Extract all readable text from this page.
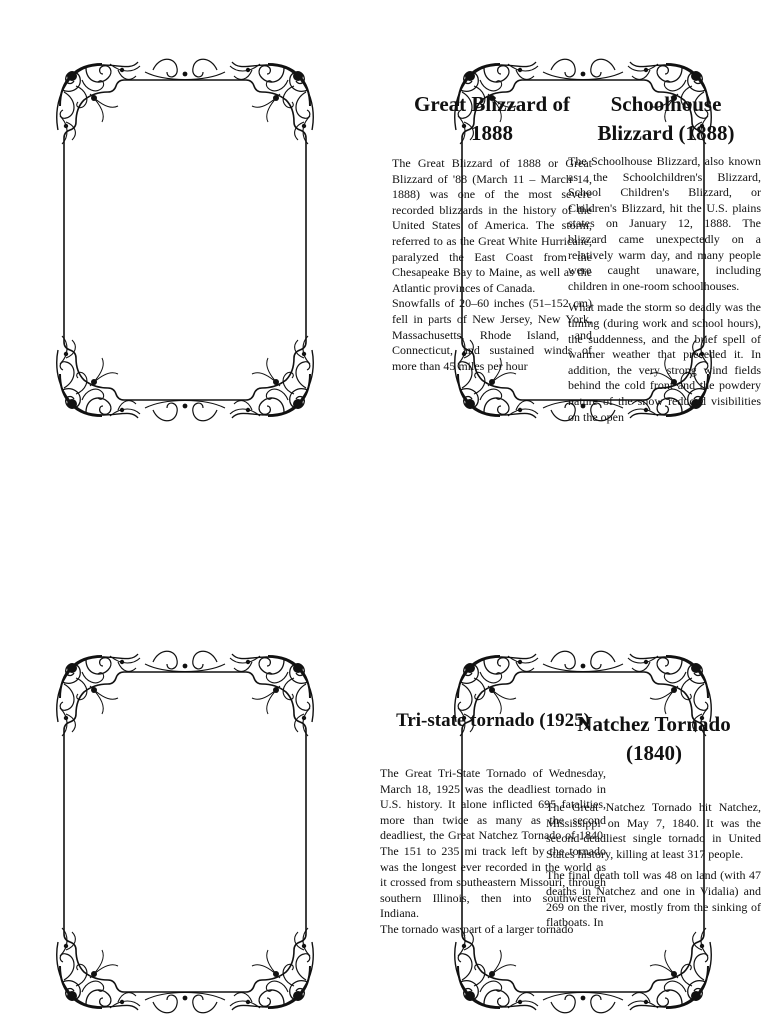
Great Blizzard of 1888

The Great Blizzard of 1888 or Great Blizzard of '88 (March 11 – March 14, 1888) was one of the most severe recorded blizzards in the history of the United States of America. The storm, referred to as the Great White Hurricane, paralyzed the East Coast from the Chesapeake Bay to Maine, as well as the Atlantic provinces of Canada.

Snowfalls of 20–60 inches (51–152 cm) fell in parts of New Jersey, New York, Massachusetts, Rhode Island, and Connecticut, and sustained winds of more than 45 miles per hour

Schoolhouse Blizzard (1888)

The Schoolhouse Blizzard, also known as the Schoolchildren's Blizzard, School Children's Blizzard, or Children's Blizzard, hit the U.S. plains states on January 12, 1888. The blizzard came unexpectedly on a relatively warm day, and many people were caught unaware, including children in one-room schoolhouses.

What made the storm so deadly was the timing (during work and school hours), the suddenness, and the brief spell of warmer weather that preceded it. In addition, the very strong wind fields behind the cold front and the powdery nature of the snow reduced visibilities on the open

Tri-state tornado (1925)

The Great Tri-State Tornado of Wednesday, March 18, 1925 was the deadliest tornado in U.S. history. It alone inflicted 695 fatalities, more than twice as many as the second deadliest, the Great Natchez Tornado of 1840. The 151 to 235 mi track left by the tornado was the longest ever recorded in the world as it crossed from southeastern Missouri, through southern Illinois, then into southwestern Indiana.

The tornado was part of a larger tornado

Natchez Tornado (1840)

The Great Natchez Tornado hit Natchez, Mississippi on May 7, 1840. It was the second-deadliest single tornado in United States history, killing at least 317 people.

The final death toll was 48 on land (with 47 deaths in Natchez and one in Vidalia) and 269 on the river, mostly from the sinking of flatboats. In
